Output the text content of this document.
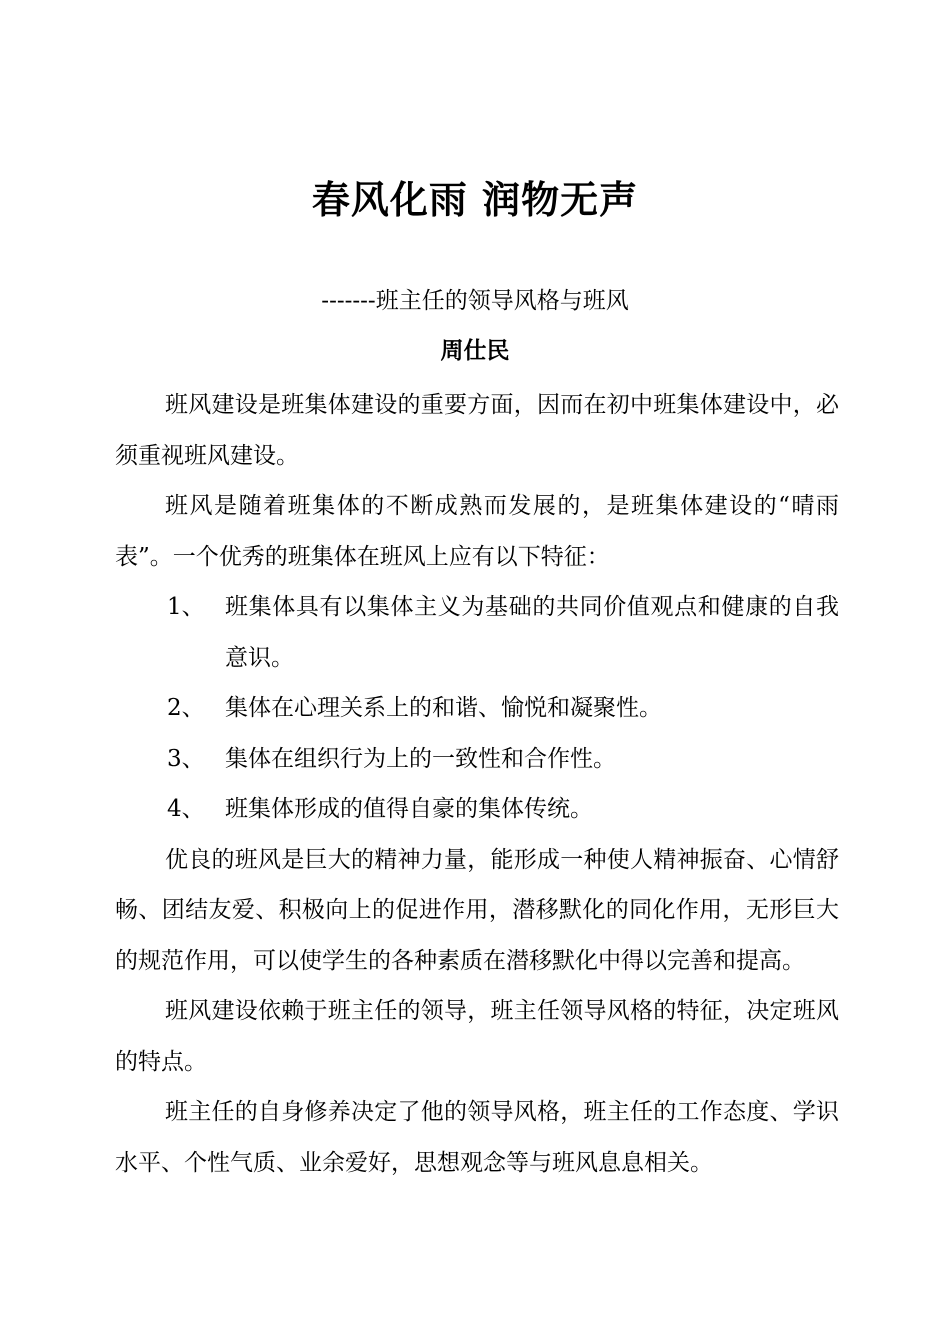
春风化雨 润物无声
-------班主任的领导风格与班风
周仕民

班风建设是班集体建设的重要方面，因而在初中班集体建设中，必须重视班风建设。

班风是随着班集体的不断成熟而发展的，是班集体建设的“晴雨表”。一个优秀的班集体在班风上应有以下特征：

1、 班集体具有以集体主义为基础的共同价值观点和健康的自我意识。
2、 集体在心理关系上的和谐、愉悦和凝聚性。
3、 集体在组织行为上的一致性和合作性。
4、 班集体形成的值得自豪的集体传统。

优良的班风是巨大的精神力量，能形成一种使人精神振奋、心情舒畅、团结友爱、积极向上的促进作用，潜移默化的同化作用，无形巨大的规范作用，可以使学生的各种素质在潜移默化中得以完善和提高。

班风建设依赖于班主任的领导，班主任领导风格的特征，决定班风的特点。

班主任的自身修养决定了他的领导风格，班主任的工作态度、学识水平、个性气质、业余爱好，思想观念等与班风息息相关。
